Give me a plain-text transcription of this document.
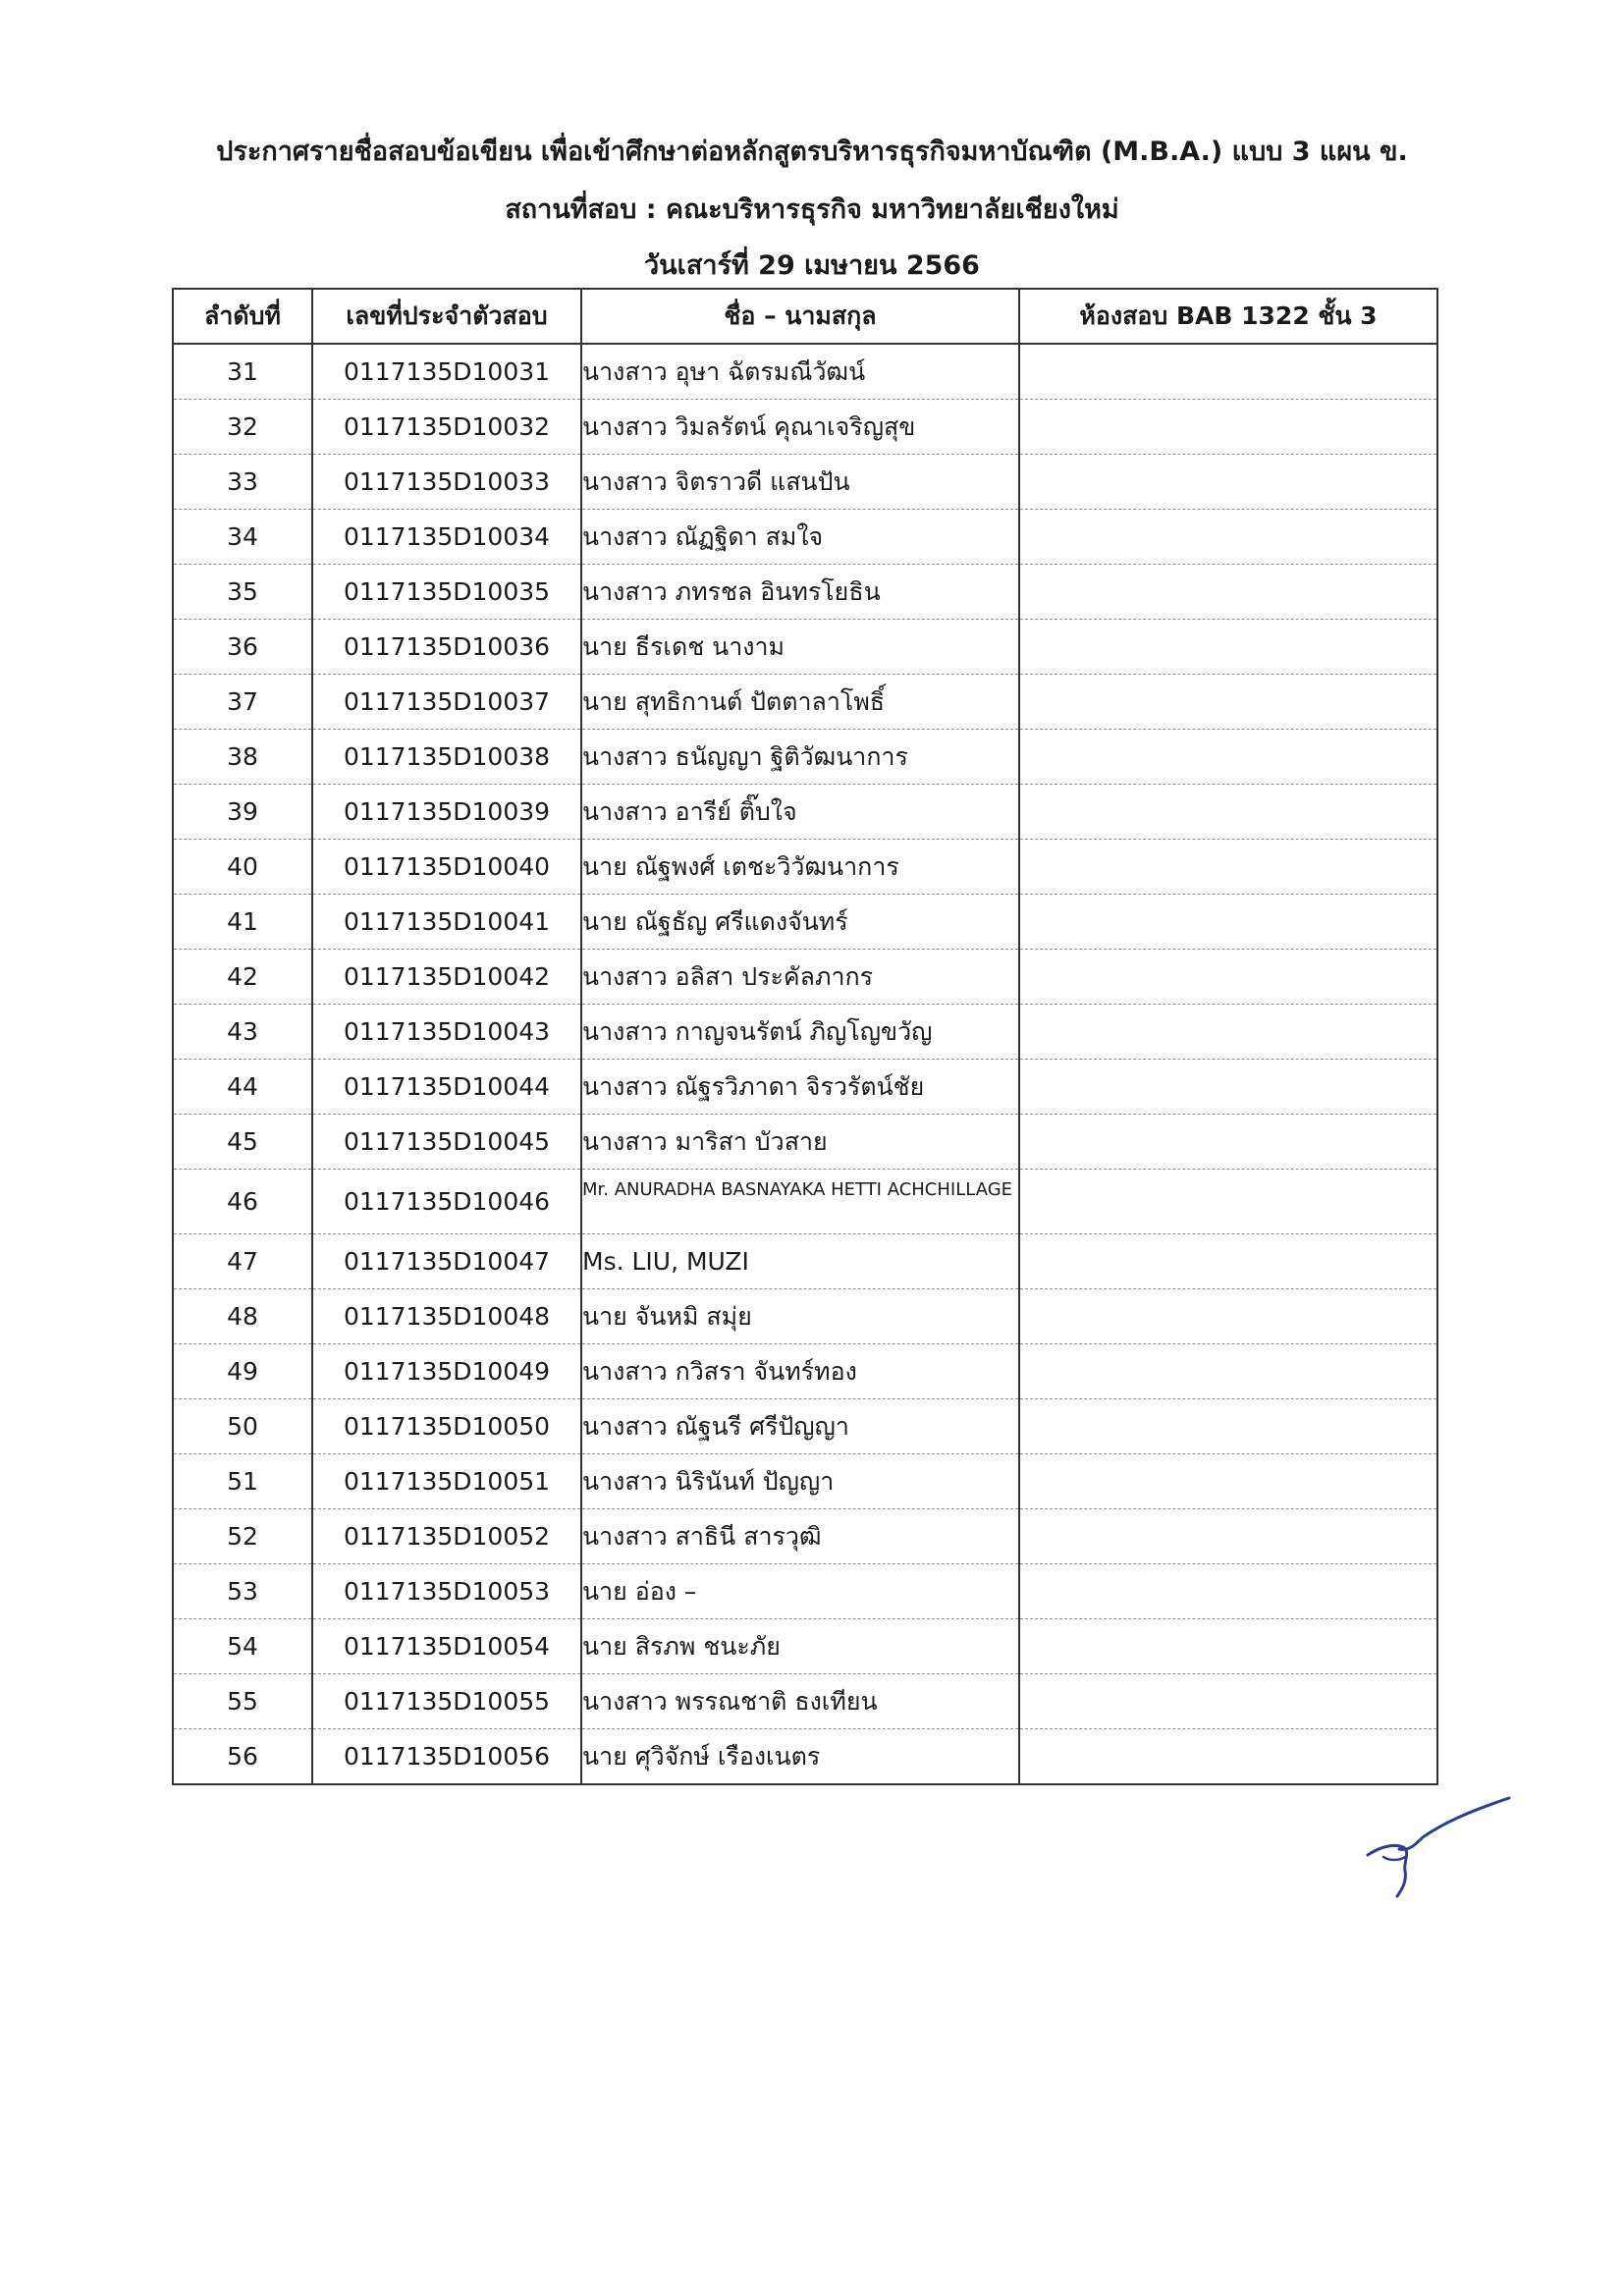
ประกาศรายชื่อสอบข้อเขียน เพื่อเข้าศึกษาต่อหลักสูตรบริหารธุรกิจมหาบัณฑิต (M.B.A.) แบบ 3 แผน ข.
สถานที่สอบ : คณะบริหารธุรกิจ มหาวิทยาลัยเชียงใหม่
วันเสาร์ที่ 29 เมษายน 2566
ลำดับที่	เลขที่ประจำตัวสอบ	ชื่อ – นามสกุล	ห้องสอบ BAB 1322 ชั้น 3
31	0117135D10031	นางสาว อุษา ฉัตรมณีวัฒน์	
32	0117135D10032	นางสาว วิมลรัตน์ คุณาเจริญสุข	
33	0117135D10033	นางสาว จิตราวดี แสนปัน	
34	0117135D10034	นางสาว ณัฏฐิดา สมใจ	
35	0117135D10035	นางสาว ภทรชล อินทรโยธิน	
36	0117135D10036	นาย ธีรเดช นางาม	
37	0117135D10037	นาย สุทธิกานต์ ปัตตาลาโพธิ์	
38	0117135D10038	นางสาว ธนัญญา ฐิติวัฒนาการ	
39	0117135D10039	นางสาว อารีย์ ติ๊บใจ	
40	0117135D10040	นาย ณัฐพงศ์ เตชะวิวัฒนาการ	
41	0117135D10041	นาย ณัฐธัญ ศรีแดงจันทร์	
42	0117135D10042	นางสาว อลิสา ประคัลภากร	
43	0117135D10043	นางสาว กาญจนรัตน์ ภิญโญขวัญ	
44	0117135D10044	นางสาว ณัฐรวิภาดา จิรวรัตน์ชัย	
45	0117135D10045	นางสาว มาริสา บัวสาย	
46	0117135D10046	Mr. ANURADHA BASNAYAKA HETTI ACHCHILLAGE	
47	0117135D10047	Ms. LIU, MUZI	
48	0117135D10048	นาย จันหมิ สมุ่ย	
49	0117135D10049	นางสาว กวิสรา จันทร์ทอง	
50	0117135D10050	นางสาว ณัฐนรี ศรีปัญญา	
51	0117135D10051	นางสาว นิรินันท์ ปัญญา	
52	0117135D10052	นางสาว สาธินี สารวุฒิ	
53	0117135D10053	นาย อ่อง –	
54	0117135D10054	นาย สิรภพ ชนะภัย	
55	0117135D10055	นางสาว พรรณชาติ ธงเทียน	
56	0117135D10056	นาย ศุวิจักษ์ เรืองเนตร	
